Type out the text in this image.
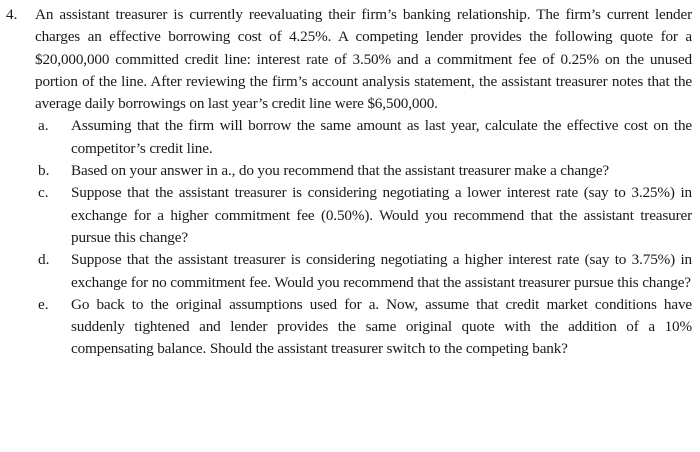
4.	An assistant treasurer is currently reevaluating their firm’s banking relationship. The firm’s current lender charges an effective borrowing cost of 4.25%. A competing lender provides the following quote for a $20,000,000 committed credit line: interest rate of 3.50% and a commitment fee of 0.25% on the unused portion of the line. After reviewing the firm’s account analysis statement, the assistant treasurer notes that the average daily borrowings on last year’s credit line were $6,500,000.
a.	Assuming that the firm will borrow the same amount as last year, calculate the effective cost on the competitor’s credit line.
b.	Based on your answer in a., do you recommend that the assistant treasurer make a change?
c.	Suppose that the assistant treasurer is considering negotiating a lower interest rate (say to 3.25%) in exchange for a higher commitment fee (0.50%). Would you recommend that the assistant treasurer pursue this change?
d.	Suppose that the assistant treasurer is considering negotiating a higher interest rate (say to 3.75%) in exchange for no commitment fee. Would you recommend that the assistant treasurer pursue this change?
e.	Go back to the original assumptions used for a. Now, assume that credit market conditions have suddenly tightened and lender provides the same original quote with the addition of a 10% compensating balance. Should the assistant treasurer switch to the competing bank?
